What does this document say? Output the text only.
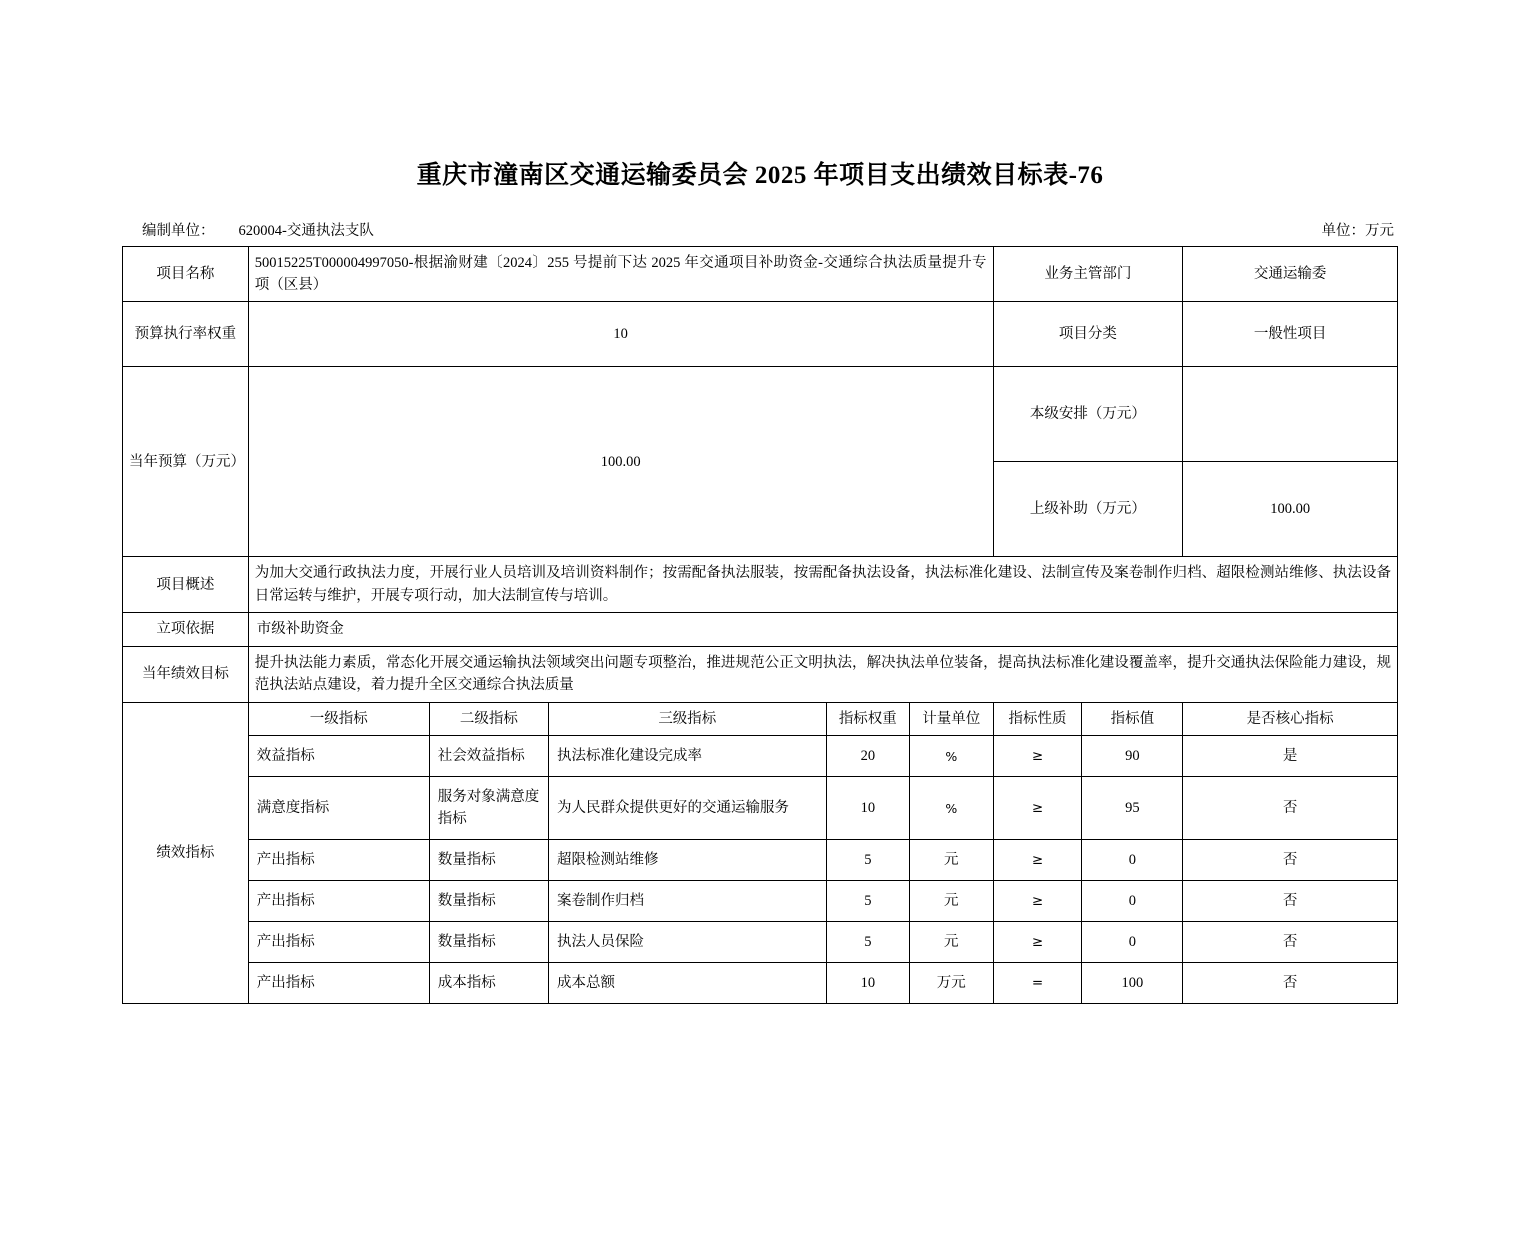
重庆市潼南区交通运输委员会 2025 年项目支出绩效目标表-76
编制单位： 620004-交通执法支队	单位：万元
项目名称	50015225T000004997050-根据渝财建〔2024〕255 号提前下达 2025 年交通项目补助资金-交通综合执法质量提升专项（区县）					业务主管部门		交通运输委
预算执行率权重	10					项目分类		一般性项目
当年预算（万元）	100.00					本级安排（万元）		
						上级补助（万元）		100.00
项目概述	为加大交通行政执法力度，开展行业人员培训及培训资料制作；按需配备执法服装，按需配备执法设备，执法标准化建设、法制宣传及案卷制作归档、超限检测站维修、执法设备日常运转与维护，开展专项行动，加大法制宣传与培训。							
立项依据	市级补助资金							
当年绩效目标	提升执法能力素质，常态化开展交通运输执法领域突出问题专项整治，推进规范公正文明执法，解决执法单位装备，提高执法标准化建设覆盖率，提升交通执法保险能力建设，规范执法站点建设，着力提升全区交通综合执法质量							
绩效指标	一级指标	二级指标	三级指标	指标权重	计量单位	指标性质	指标值	是否核心指标
	效益指标	社会效益指标	执法标准化建设完成率	20	%	≥	90	是
	满意度指标	服务对象满意度指标	为人民群众提供更好的交通运输服务	10	%	≥	95	否
	产出指标	数量指标	超限检测站维修	5	元	≥	0	否
	产出指标	数量指标	案卷制作归档	5	元	≥	0	否
	产出指标	数量指标	执法人员保险	5	元	≥	0	否
	产出指标	成本指标	成本总额	10	万元	=	100	否
